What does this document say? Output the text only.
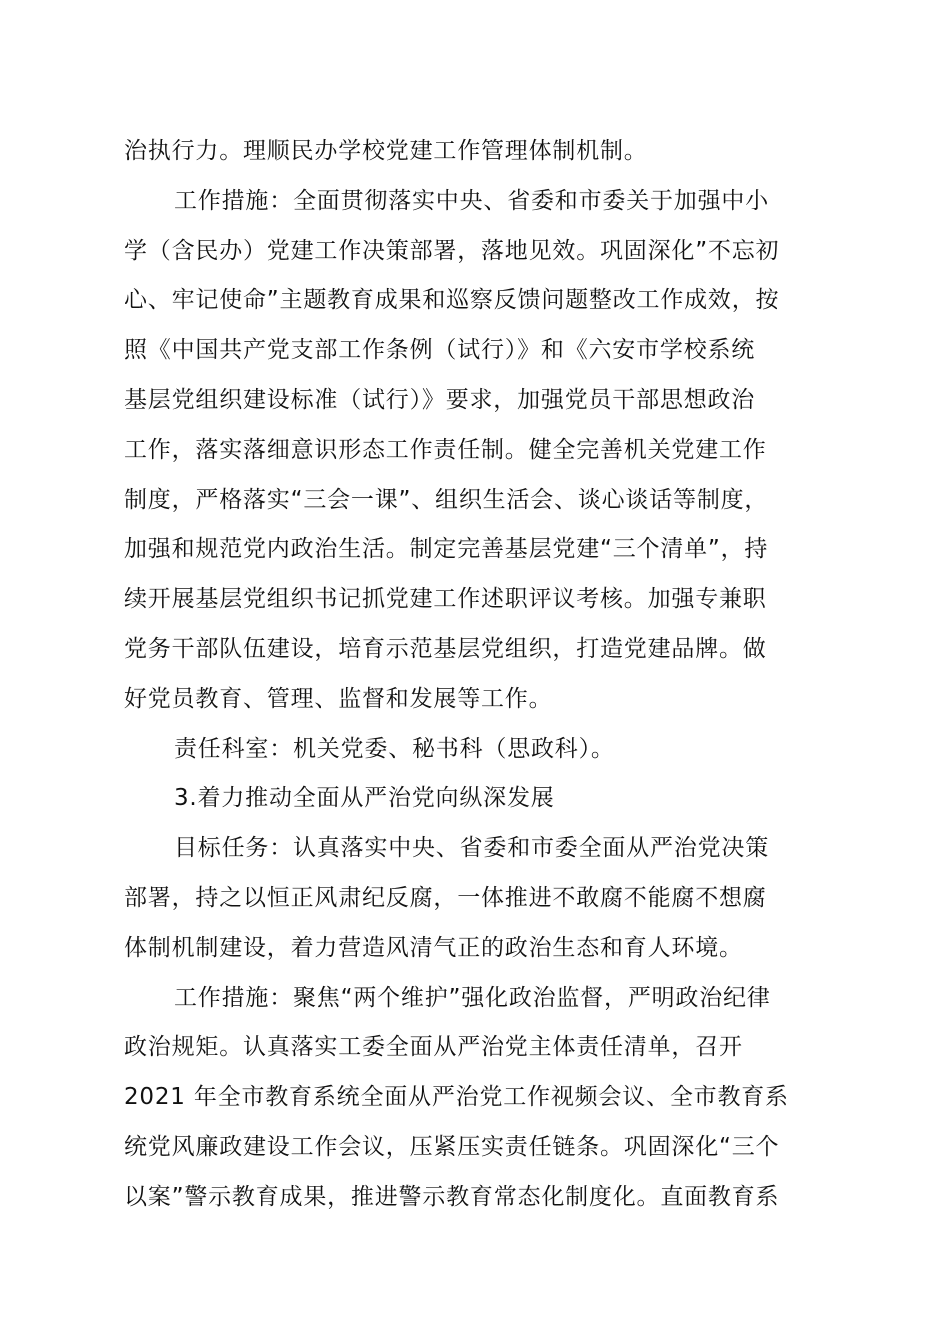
治执行力。理顺民办学校党建工作管理体制机制。
工作措施：全面贯彻落实中央、省委和市委关于加强中小
学（含民办）党建工作决策部署，落地见效。巩固深化”不忘初
心、牢记使命”主题教育成果和巡察反馈问题整改工作成效，按
照《中国共产党支部工作条例（试行）》和《六安市学校系统
基层党组织建设标准（试行）》要求，加强党员干部思想政治
工作，落实落细意识形态工作责任制。健全完善机关党建工作
制度，严格落实“三会一课”、组织生活会、谈心谈话等制度，
加强和规范党内政治生活。制定完善基层党建“三个清单”，持
续开展基层党组织书记抓党建工作述职评议考核。加强专兼职
党务干部队伍建设，培育示范基层党组织，打造党建品牌。做
好党员教育、管理、监督和发展等工作。
责任科室：机关党委、秘书科（思政科）。
3.着力推动全面从严治党向纵深发展
目标任务：认真落实中央、省委和市委全面从严治党决策
部署，持之以恒正风肃纪反腐，一体推进不敢腐不能腐不想腐
体制机制建设，着力营造风清气正的政治生态和育人环境。
工作措施：聚焦“两个维护”强化政治监督，严明政治纪律
政治规矩。认真落实工委全面从严治党主体责任清单，召开
2021 年全市教育系统全面从严治党工作视频会议、全市教育系
统党风廉政建设工作会议，压紧压实责任链条。巩固深化“三个
以案”警示教育成果，推进警示教育常态化制度化。直面教育系
